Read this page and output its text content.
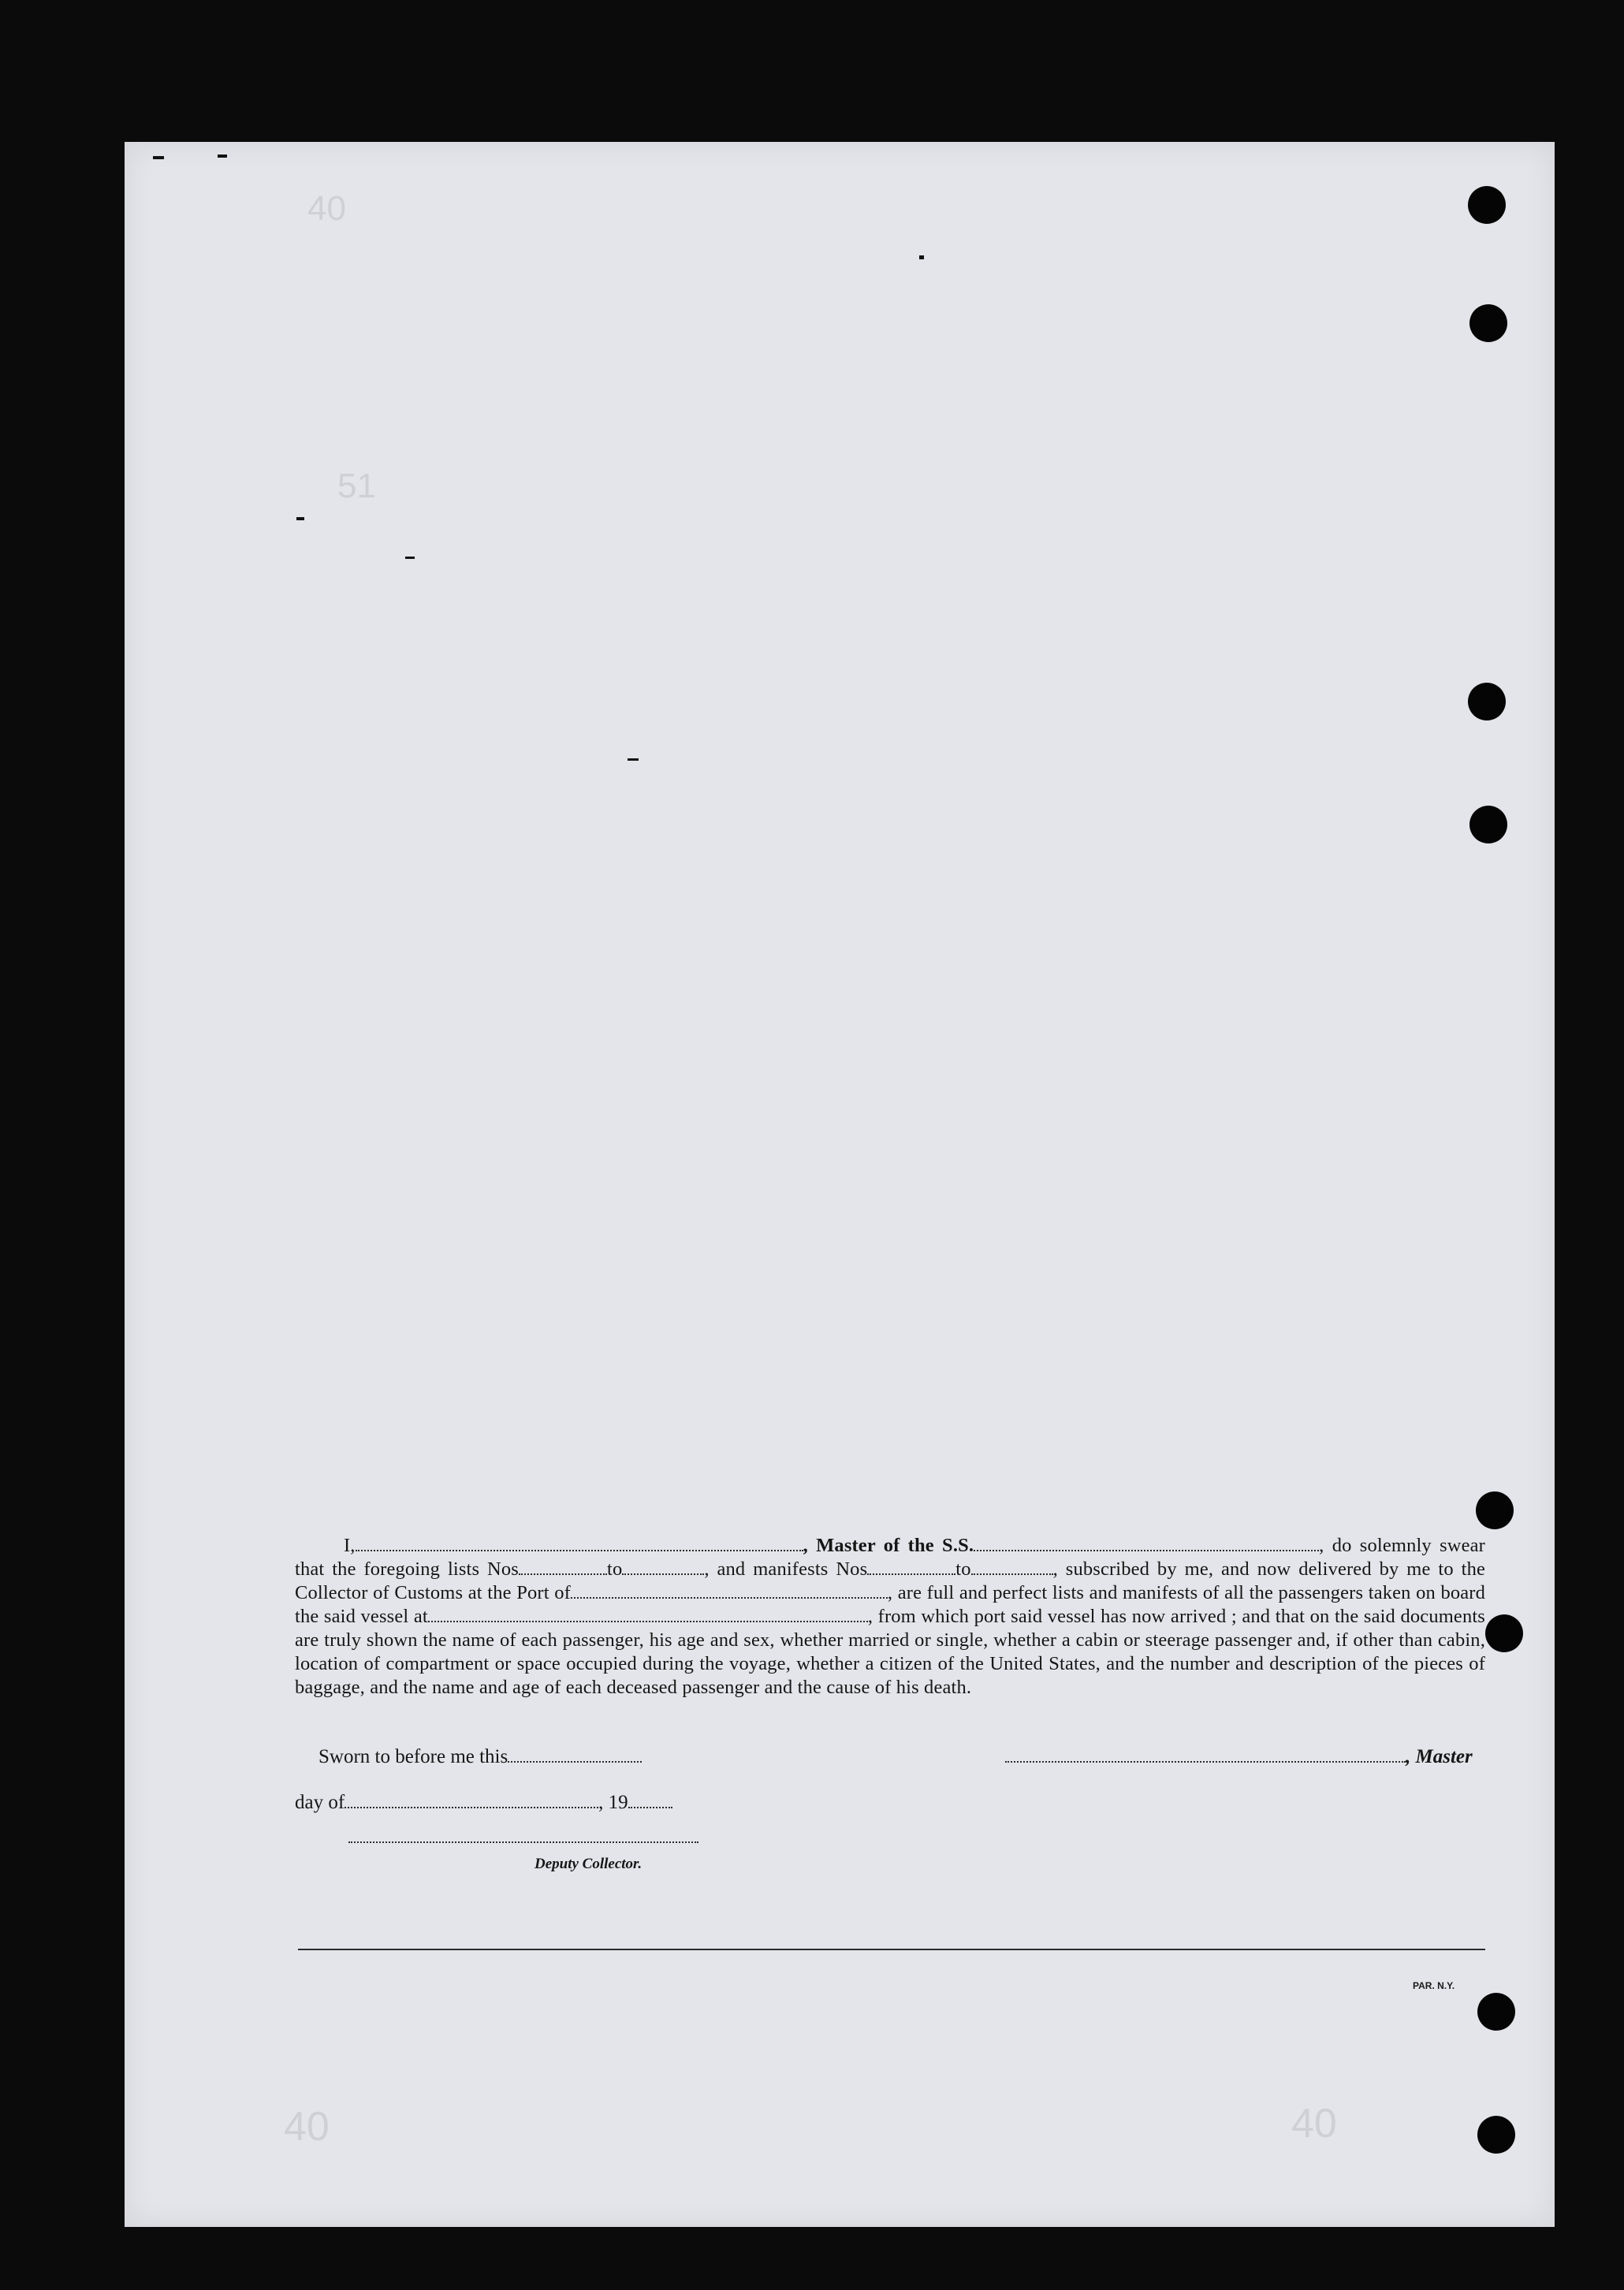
40
51
40	40

I,	, Master of the S.S.	, do solemnly swear that the foregoing lists Nos	to	, and manifests Nos	to	, subscribed by me, and now delivered by me to the Collector of Customs at the Port of	, are full and perfect lists and manifests of all the passengers taken on board the said vessel at	, from which port said vessel has now arrived ; and that on the said documents are truly shown the name of each passenger, his age and sex, whether married or single, whether a cabin or steerage passenger and, if other than cabin, location of compartment or space occupied during the voyage, whether a citizen of the United States, and the number and description of the pieces of baggage, and the name and age of each deceased passenger and the cause of his death.

Sworn to before me this
day of	, 19
, Master
Deputy Collector.
PAR. N.Y.
